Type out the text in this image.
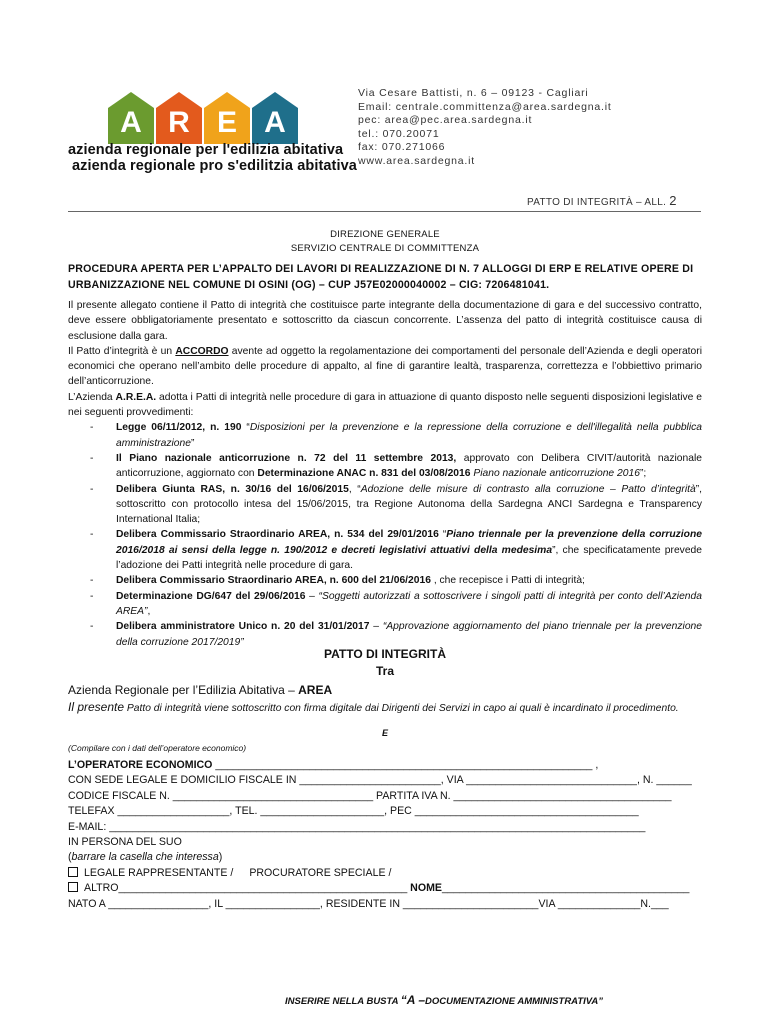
A R E A
azienda regionale per l'edilizia abitativa
azienda regionale pro s'edilitzia abitativa
Via Cesare Battisti, n. 6 – 09123 - Cagliari
Email: centrale.committenza@area.sardegna.it
pec: area@pec.area.sardegna.it
tel.: 070.20071
fax: 070.271066
www.area.sardegna.it
PATTO DI INTEGRITÀ – ALL. 2
DIREZIONE GENERALE
SERVIZIO CENTRALE DI COMMITTENZA
PROCEDURA APERTA PER L’APPALTO DEI LAVORI DI REALIZZAZIONE DI N. 7 ALLOGGI DI ERP E RELATIVE OPERE DI URBANIZZAZIONE NEL COMUNE DI OSINI (OG) – CUP J57E02000040002 – CIG: 7206481041.

Il presente allegato contiene il Patto di integrità che costituisce parte integrante della documentazione di gara e del successivo contratto, deve essere obbligatoriamente presentato e sottoscritto da ciascun concorrente. L’assenza del patto di integrità costituisce causa di esclusione dalla gara.

Il Patto d’integrità è un ACCORDO avente ad oggetto la regolamentazione dei comportamenti del personale dell’Azienda e degli operatori economici che operano nell’ambito delle procedure di appalto, al fine di garantire lealtà, trasparenza, correttezza e l’obbiettivo primario dell’anticorruzione.

L’Azienda A.R.E.A. adotta i Patti di integrità nelle procedure di gara in attuazione di quanto disposto nelle seguenti disposizioni legislative e nei seguenti provvedimenti:

- Legge 06/11/2012, n. 190 “Disposizioni per la prevenzione e la repressione della corruzione e dell'illegalità nella pubblica amministrazione”
- Il Piano nazionale anticorruzione n. 72 del 11 settembre 2013, approvato con Delibera CIVIT/autorità nazionale anticorruzione, aggiornato con Determinazione ANAC n. 831 del 03/08/2016 Piano nazionale anticorruzione 2016”;
- Delibera Giunta RAS, n. 30/16 del 16/06/2015, “Adozione delle misure di contrasto alla corruzione – Patto d’integrità”, sottoscritto con protocollo intesa del 15/06/2015, tra Regione Autonoma della Sardegna ANCI Sardegna e Transparency International Italia;
- Delibera Commissario Straordinario AREA, n. 534 del 29/01/2016 “Piano triennale per la prevenzione della corruzione 2016/2018 ai sensi della legge n. 190/2012 e decreti legislativi attuativi della medesima”, che specificatamente prevede l’adozione dei Patti integrità nelle procedure di gara.
- Delibera Commissario Straordinario AREA, n. 600 del 21/06/2016 , che recepisce i Patti di integrità;
- Determinazione DG/647 del 29/06/2016 – “Soggetti autorizzati a sottoscrivere i singoli patti di integrità per conto dell’Azienda AREA”,
- Delibera amministratore Unico n. 20 del 31/01/2017 – “Approvazione aggiornamento del piano triennale per la prevenzione della corruzione 2017/2019”
PATTO DI INTEGRITÀ
Tra
Azienda Regionale per l’Edilizia Abitativa – AREA
Il presente Patto di integrità viene sottoscritto con firma digitale dai Dirigenti dei Servizi in capo ai quali è incardinato il procedimento.
E
(Compilare con i dati dell’operatore economico)
L’OPERATORE ECONOMICO ________________________________________________________________ ,
CON SEDE LEGALE E DOMICILIO FISCALE IN ________________________, VIA _____________________________, N. ______
CODICE FISCALE N. __________________________________ PARTITA IVA N. _____________________________________
TELEFAX ___________________, TEL. _____________________, PEC ______________________________________
E-MAIL: ___________________________________________________________________________________________
IN PERSONA DEL SUO
(barrare la casella che interessa)
LEGALE RAPPRESENTANTE / PROCURATORE SPECIALE /
ALTRO_________________________________________________ NOME__________________________________________
NATO A _________________, IL ________________, RESIDENTE IN _______________________VIA ______________N.___
INSERIRE NELLA BUSTA “A –DOCUMENTAZIONE AMMINISTRATIVA”
